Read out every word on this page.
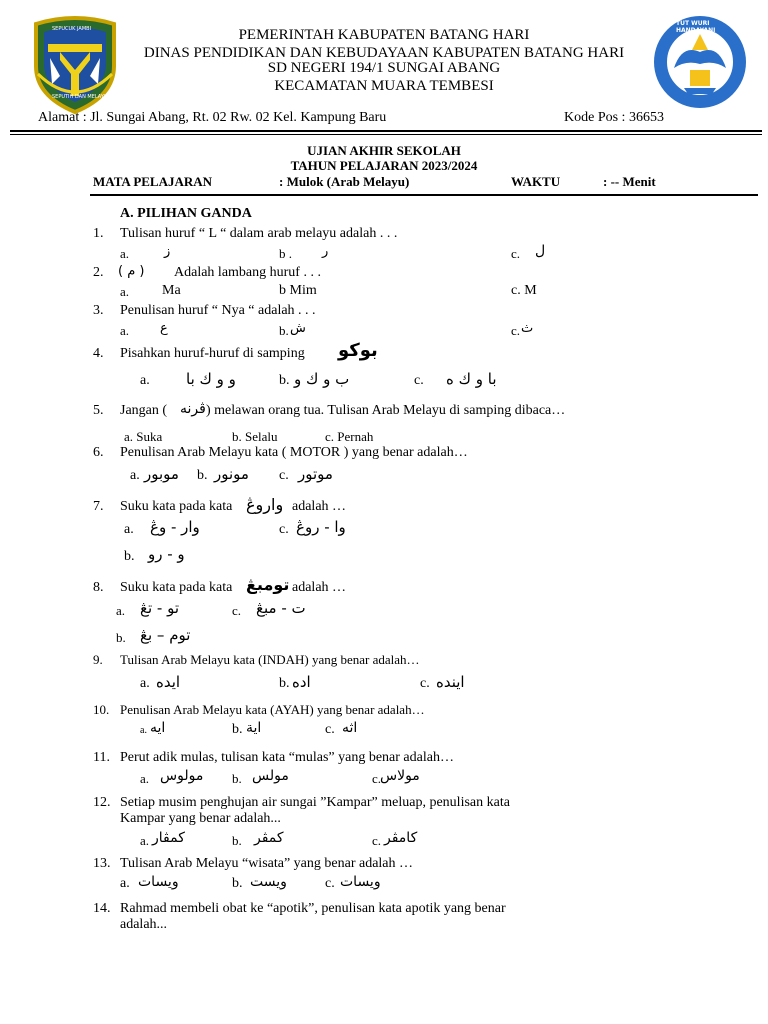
SEPUCUK JAMBI
SEPUTIH DAN MELAYU
TUT WURI HANDAYANI
PEMERINTAH KABUPATEN BATANG HARI
DINAS PENDIDIKAN DAN KEBUDAYAAN KABUPATEN BATANG HARI
SD NEGERI 194/1 SUNGAI ABANG
KECAMATAN MUARA TEMBESI
Alamat : Jl. Sungai Abang, Rt. 02 Rw. 02 Kel. Kampung Baru	Kode Pos : 36653
UJIAN AKHIR SEKOLAH
TAHUN PELAJARAN 2023/2024
MATA PELAJARAN	: Mulok (Arab Melayu)	WAKTU	: -- Menit
A. PILIHAN GANDA
1. Tulisan huruf “ L “ dalam arab melayu adalah . . .
a.	ز	b . ر	c. ل
2. ( م ) Adalah lambang huruf . . .
a. Ma	b Mim	c. M
3. Penulisan huruf “ Nya “ adalah . . .
a. ع	b. ش	c. ث
4. Pisahkan huruf-huruf di samping بوكو
a. و و ك با	b. ب و ك و	c. با و ك ه
5. Jangan ( ڤرنه ) melawan orang tua. Tulisan Arab Melayu di samping dibaca…
a. Suka	b. Selalu	c. Pernah
6. Penulisan Arab Melayu kata ( MOTOR ) yang benar adalah…
a. موبور b. مونور c. موتور
7. Suku kata pada kata واروڠ adalah …
a. وار - وڠ	c. وا - روڠ
b. و - رو
8. Suku kata pada kata تومبڠ adalah …
a. تو - تڠ	c. ت - مبڠ
b. توم – بڠ
9. Tulisan Arab Melayu kata (INDAH) yang benar adalah…
a. ايده	b. اده	c. اينده
10. Penulisan Arab Melayu kata (AYAH) yang benar adalah…
a. ايه	b. اية	c. اثه
11. Perut adik mulas, tulisan kata “mulas” yang benar adalah…
a. مولوس b. مولس	c.
مولاس
12. Setiap musim penghujan air sungai ”Kampar” meluap, penulisan kata
Kampar yang benar adalah...
a. كمڤار	b. كمڤر	c. كامڤر
13. Tulisan Arab Melayu “wisata” yang benar adalah …
a. ويسات	b. ويست	c. ويسات
14. Rahmad membeli obat ke “apotik”, penulisan kata apotik yang benar
adalah...
